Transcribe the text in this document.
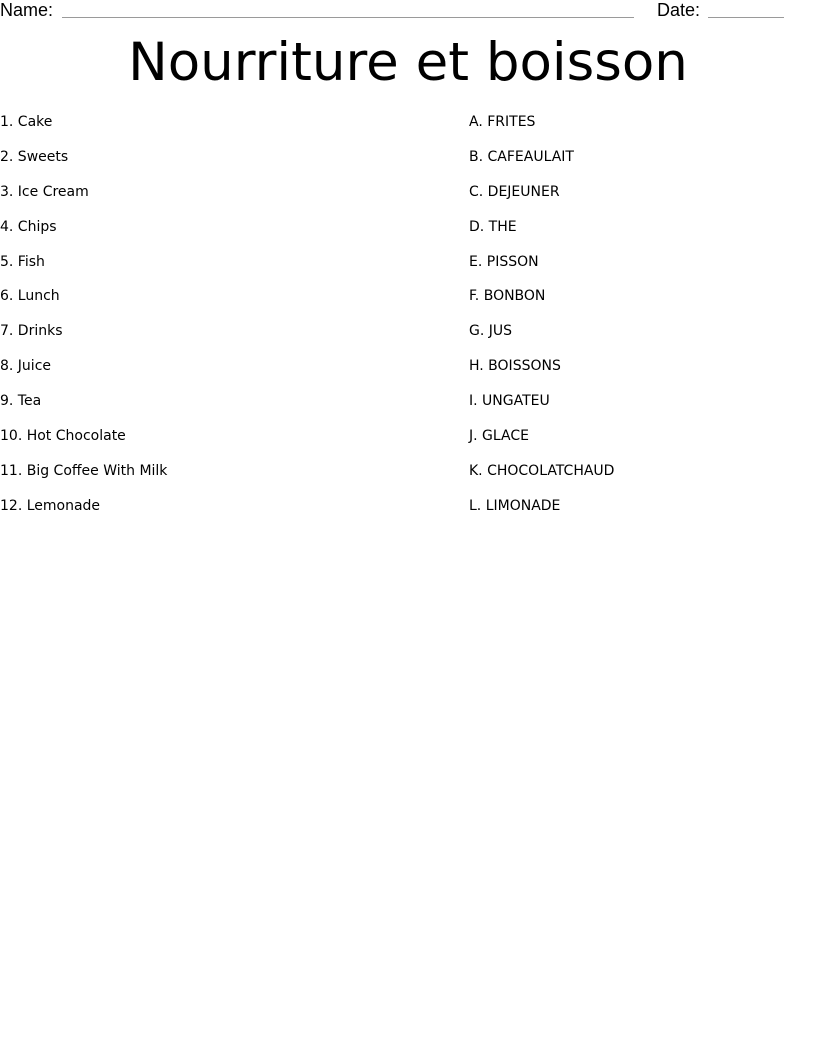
Name:	Date:
Nourriture et boisson
1. Cake
2. Sweets
3. Ice Cream
4. Chips
5. Fish
6. Lunch
7. Drinks
8. Juice
9. Tea
10. Hot Chocolate
11. Big Coffee With Milk
12. Lemonade
A. FRITES
B. CAFEAULAIT
C. DEJEUNER
D. THE
E. PISSON
F. BONBON
G. JUS
H. BOISSONS
I. UNGATEU
J. GLACE
K. CHOCOLATCHAUD
L. LIMONADE
